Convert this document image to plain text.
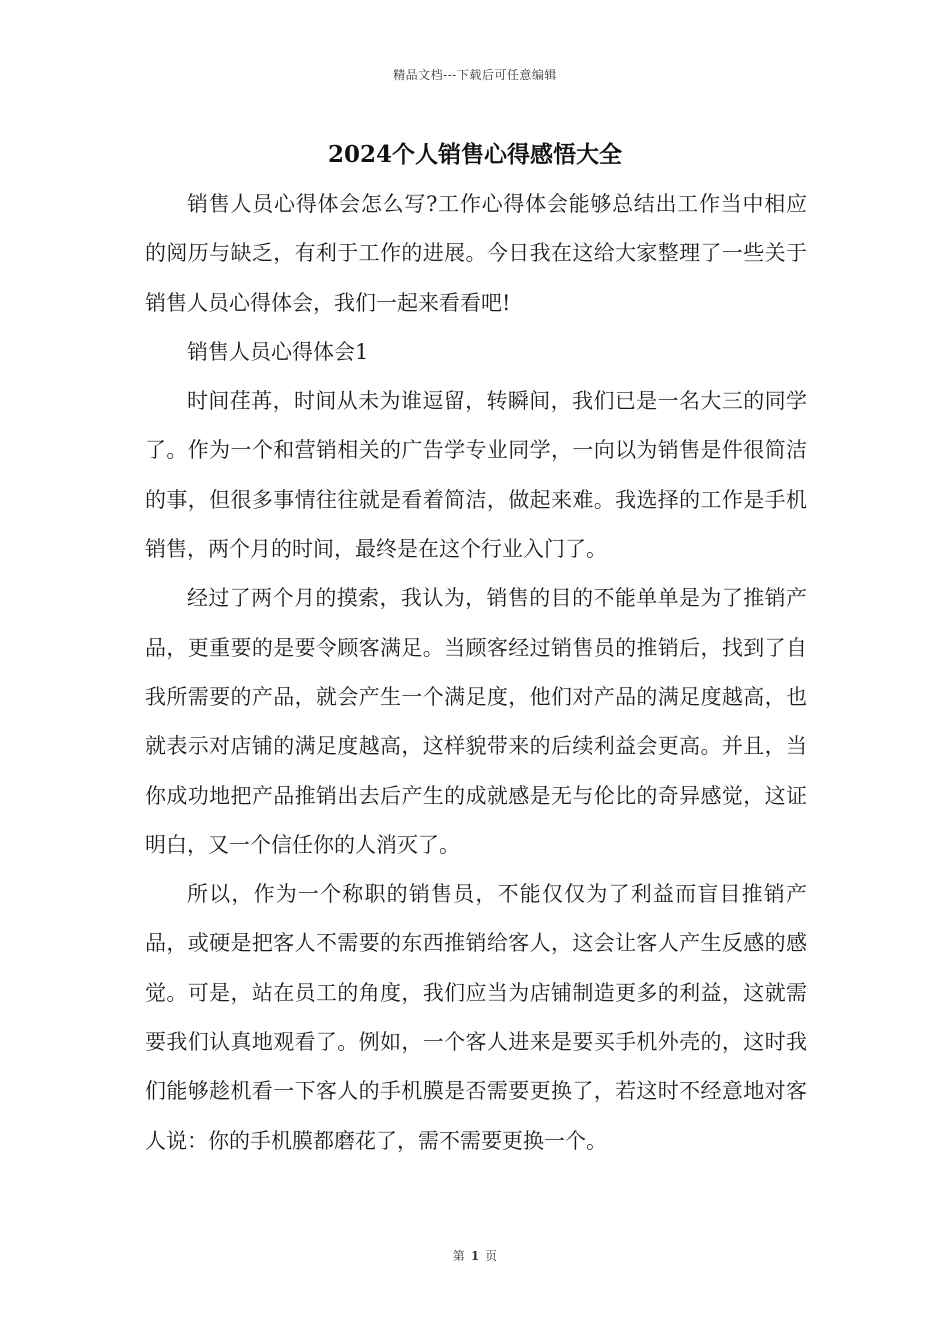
精品文档---下载后可任意编辑
2024个人销售心得感悟大全

销售人员心得体会怎么写?工作心得体会能够总结出工作当中相应的阅历与缺乏，有利于工作的进展。今日我在这给大家整理了一些关于销售人员心得体会，我们一起来看看吧!

销售人员心得体会1

时间荏苒，时间从未为谁逗留，转瞬间，我们已是一名大三的同学了。作为一个和营销相关的广告学专业同学，一向以为销售是件很简洁的事，但很多事情往往就是看着简洁，做起来难。我选择的工作是手机销售，两个月的时间，最终是在这个行业入门了。

经过了两个月的摸索，我认为，销售的目的不能单单是为了推销产品，更重要的是要令顾客满足。当顾客经过销售员的推销后，找到了自我所需要的产品，就会产生一个满足度，他们对产品的满足度越高，也就表示对店铺的满足度越高，这样貌带来的后续利益会更高。并且，当你成功地把产品推销出去后产生的成就感是无与伦比的奇异感觉，这证明白，又一个信任你的人消灭了。

所以，作为一个称职的销售员，不能仅仅为了利益而盲目推销产品，或硬是把客人不需要的东西推销给客人，这会让客人产生反感的感觉。可是，站在员工的角度，我们应当为店铺制造更多的利益，这就需要我们认真地观看了。例如，一个客人进来是要买手机外壳的，这时我们能够趁机看一下客人的手机膜是否需要更换了，若这时不经意地对客人说：你的手机膜都磨花了，需不需要更换一个。

第 1 页
